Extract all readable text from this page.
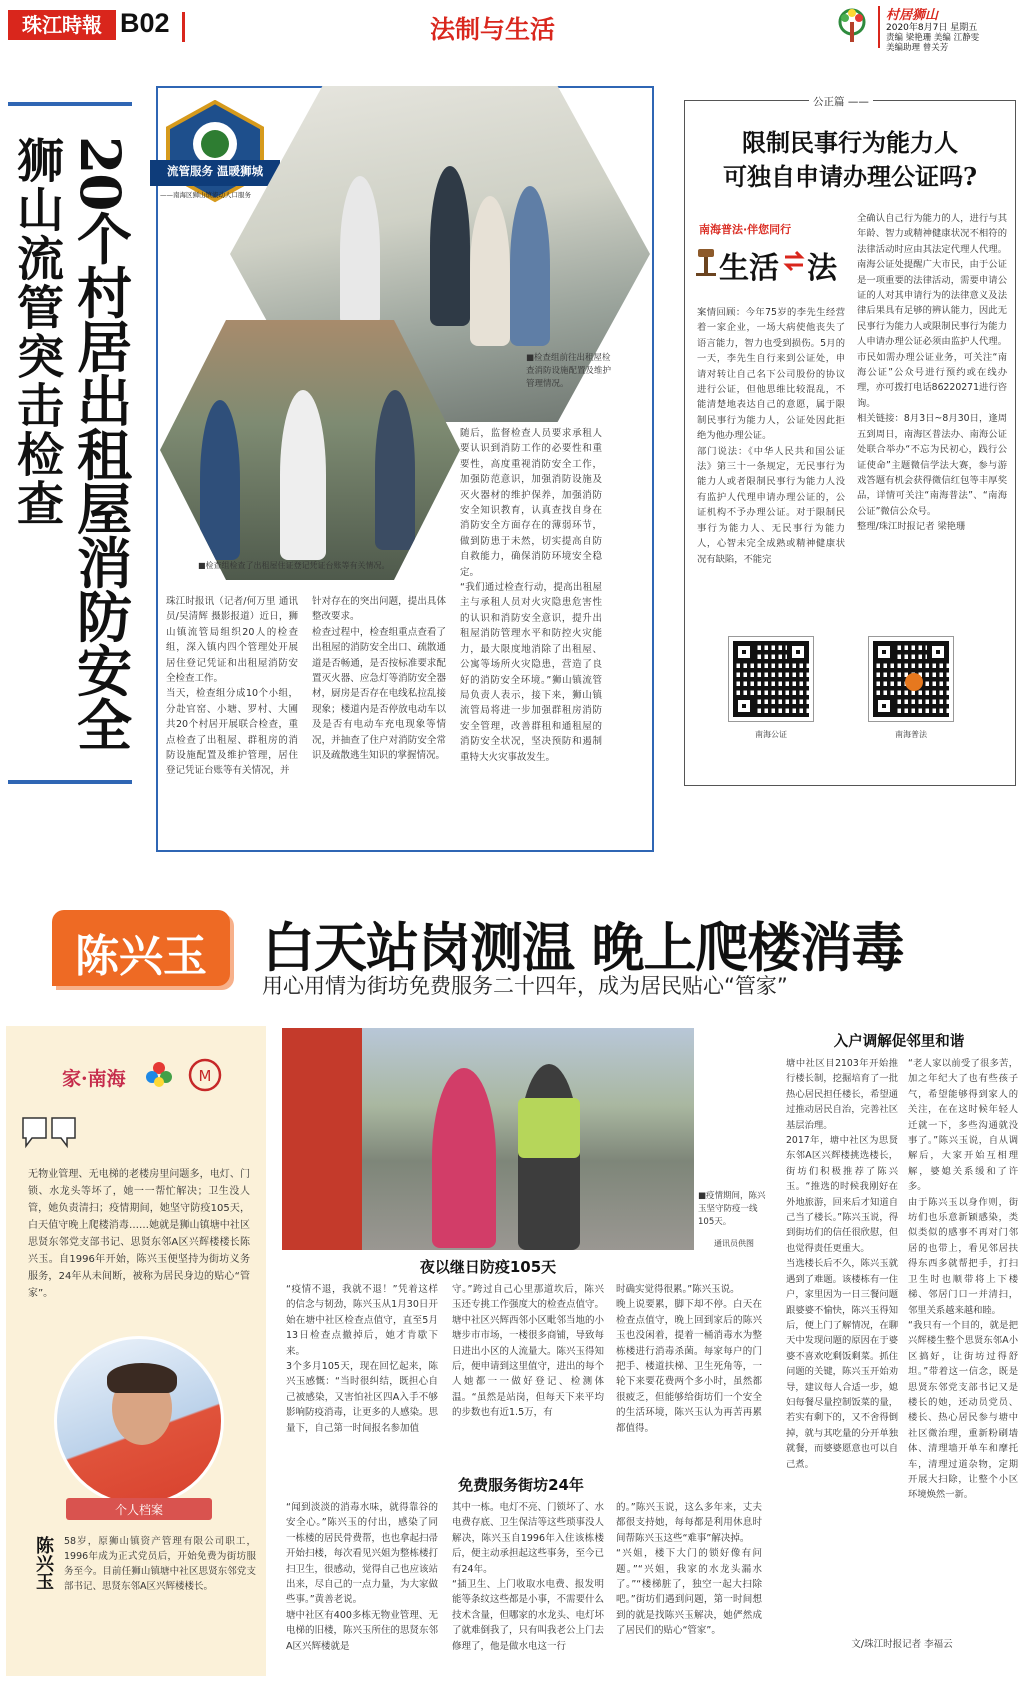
珠江時報 B02	法制与生活	村居狮山
2020年8月7日 星期五
责编 梁艳珊 美编 江静雯
美编助理 曾关芳
狮山流管突击检查 20个村居出租屋消防安全	流管服务 温暖狮城
——南海区狮山镇流动人口服务
■检查组前往出租屋检查消防设施配置及维护管理情况。
■检查组检查了出租屋住证登记凭证台账等有关情况。
珠江时报讯（记者/何万里 通讯员/吴清辉 摄影报道）近日，狮山镇流管局组织20人的检查组，深入镇内四个管理处开展居住登记凭证和出租屋消防安全检查工作。
当天，检查组分成10个小组，分赴官窑、小塘、罗村、大圃共20个村居开展联合检查，重点检查了出租屋、群租房的消防设施配置及维护管理，居住登记凭证台账等有关情况，并
针对存在的突出问题，提出具体整改要求。
检查过程中，检查组重点查看了出租屋的消防安全出口、疏散通道是否畅通，是否按标准要求配置灭火器、应急灯等消防安全器材，厨房是否存在电线私拉乱接现象；楼道内是否停放电动车以及是否有电动车充电现象等情况，并抽查了住户对消防安全常识及疏散逃生知识的掌握情况。
随后，监督检查人员要求承租人要认识到消防工作的必要性和重要性，高度重视消防安全工作，加强防范意识，加强消防设施及灭火器材的维护保养，加强消防安全知识教育，认真查找自身在消防安全方面存在的薄弱环节，做到防患于未然，切实提高自防自救能力，确保消防环境安全稳定。
“我们通过检查行动，提高出租屋主与承租人员对火灾隐患危害性的认识和消防安全意识，提升出租屋消防管理水平和防控火灾能力，最大限度地消除了出租屋、公寓等场所火灾隐患，营造了良好的消防安全环境。”狮山镇流管局负责人表示，接下来，狮山镇流管局将进一步加强群租房消防安全管理，改善群租和通租屋的消防安全状况，坚决预防和遏制重特大火灾事故发生。
公正篇 ——
限制民事行为能力人
可独自申请办理公证吗?
南海普法·伴您同行
生活 法
案情回顾：今年75岁的李先生经营着一家企业，一场大病使他丧失了语言能力，智力也受到损伤。5月的一天，李先生自行来到公证处，申请对转让自己名下公司股份的协议进行公证，但他思维比较混乱，不能清楚地表达自己的意愿，属于限制民事行为能力人，公证处因此拒绝为他办理公证。
部门说法：《中华人民共和国公证法》第三十一条规定，无民事行为能力人或者限制民事行为能力人没有监护人代理申请办理公证的，公证机构不予办理公证。对于限制民事行为能力人、无民事行为能力人，心智未完全成熟或精神健康状况有缺陷，不能完
全确认自己行为能力的人，进行与其年龄、智力或精神健康状况不相符的法律活动时应由其法定代理人代理。南海公证处提醒广大市民，由于公证是一项重要的法律活动，需要申请公证的人对其申请行为的法律意义及法律后果具有足够的辨认能力，因此无民事行为能力人或限制民事行为能力人申请办理公证必须由监护人代理。市民如需办理公证业务，可关注“南海公证”公众号进行预约或在线办理，亦可拨打电话86220271进行咨询。
相关链接：8月3日~8月30日，逢周五到周日，南海区普法办、南海公证处联合举办“不忘为民初心，践行公证使命”主题微信学法大赛，参与游戏答题有机会获得微信红包等丰厚奖品，详情可关注“南海普法”、“南海公证”微信公众号。
整理/珠江时报记者 梁艳珊
南海公证	南海普法
陈兴玉	白天站岗测温 晚上爬楼消毒
用心用情为街坊免费服务二十四年，成为居民贴心“管家”
家·南海	M
无物业管理、无电梯的老楼房里问题多，电灯、门锁、水龙头等坏了，她一一帮忙解决；卫生没人管，她负责清扫；疫情期间，她坚守防疫105天，白天值守晚上爬楼消毒……她就是狮山镇塘中社区思贤东邻党支部书记、思贤东邻A区兴辉楼楼长陈兴玉。自1996年开始，陈兴玉便坚持为街坊义务服务，24年从未间断，被称为居民身边的贴心“管家”。
个人档案
陈兴玉 58岁，原狮山镇资产管理有限公司职工，1996年成为正式党员后，开始免费为街坊服务至今。目前任狮山镇塘中社区思贤东邻党支部书记、思贤东邻A区兴辉楼楼长。
■疫情期间，陈兴玉坚守防疫一线105天。
通讯员供图
夜以继日防疫105天
免费服务街坊24年
入户调解促邻里和谐
“疫情不退，我就不退！”凭着这样的信念与韧劲，陈兴玉从1月30日开始在塘中社区检查点值守，直至5月13日检查点撤掉后，她才肯歇下来。
3个多月105天，现在回忆起来，陈兴玉感慨：“当时很纠结，既担心自己被感染，又害怕社区四A入手不够影响防疫消毒，让更多的人感染。思量下，自己第一时间报名参加值
守。”跨过自己心里那道坎后，陈兴玉还专挑工作强度大的检查点值守。
塘中社区兴辉西邻小区毗邻当地的小塘步市市场，一楼很多商铺，导致每日进出小区的人流量大。陈兴玉得知后，便申请到这里值守，进出的每个人她都一一做好登记、检测体温。“虽然是站岗，但每天下来平均的步数也有近1.5万，有
时确实觉得很累。”陈兴玉说。
晚上说要累，脚下却不停。白天在检查点值守，晚上回到家后的陈兴玉也没闲着，提着一桶消毒水为整栋楼进行消毒杀菌。每家每户的门把手、楼道扶梯、卫生死角等，一轮下来要花费两个多小时，虽然都很疲乏，但能够给街坊们一个安全的生活环境，陈兴玉认为再苦再累都值得。
“闻到淡淡的消毒水味，就得靠谷的安全心。”陈兴玉的付出，感染了同一栋楼的居民骨费帮，也也拿起扫帚开始扫楼，每次看见兴姐为整栋楼打扫卫生，很感动，觉得自己也应该站出来，尽自己的一点力量，为大家做些事。”黄善老说。
塘中社区有400多栋无物业管理、无电梯的旧楼，陈兴玉所住的思贤东邻A区兴辉楼就是
其中一栋。电灯不亮、门锁坏了、水电费存底、卫生保洁等这些琐事没人解决，陈兴玉自1996年入住该栋楼后，便主动承担起这些事务，至今已有24年。
“插卫生、上门收取水电费、报发明能等条纹这些都是小事，不需要什么技术含量，但哪家的水龙头、电灯坏了就难倒我了，只有叫我老公上门去修理了，他是做水电这一行
的。”陈兴玉说，这么多年来，丈夫都很支持她，每每都是利用休息时间帮陈兴玉这些“难事”解决掉。
“兴姐，楼下大门的锁好像有问题。”“兴姐，我家的水龙头漏水了。”“楼梯脏了，独空一起大扫除吧。”街坊们遇到问题，第一时间想到的就是找陈兴玉解决，她俨然成了居民们的贴心“管家”。
塘中社区目2103年开始推行楼长制，挖掘培育了一批热心居民担任楼长，希望通过推动居民自治，完善社区基层治理。
2017年，塘中社区为思贤东邻A区兴辉楼挑选楼长，街坊们积极推荐了陈兴玉。“推选的时候我刚好在外地旅游，回来后才知道自己当了楼长。”陈兴玉说，得到街坊们的信任很欣慰，但也觉得责任更重大。
当选楼长后不久，陈兴玉就遇到了难题。该楼栋有一住户，家里因为一日三餐问题跟婆婆不愉快，陈兴玉得知后，便上门了解情况，在聊天中发现问题的原因在于婆婆不喜欢吃剩饭剩菜。抓住问题的关键，陈兴玉开始劝导，建议每人合适一步，媳妇每餐尽量控制饭菜的量，若实有剩下的，又不舍得倒掉，就与其吃量的分开单独就餐，而婆婆愿意也可以自己煮。
“老人家以前受了很多苦，加之年纪大了也有些孩子气，希望能够得到家人的关注，在在这时候年轻人迁就一下，多些沟通就没事了。”陈兴玉说，自从调解后，大家开始互相理解，婆媳关系缓和了许多。
由于陈兴玉以身作则，街坊们也乐意新颖感染，类似类似的感事不再对门邻居的也带上，看见邻居扶得东西多就帮把手，打扫卫生时也顺带将上下楼梯、邻居门口一并清扫，邻里关系越来越和睦。
“我只有一个目的，就是把兴辉楼生整个思贤东邻A小区搞好，让街坊过得舒坦。”带着这一信念，既是思贤东邻党支部书记又是楼长的她，还动员党员、楼长、热心居民参与塘中社区微治理，重新粉刷墙体、清理墙开单车和摩托车，清理过道杂物，定期开展大扫除，让整个小区环境焕然一新。
文/珠江时报记者 李福云
